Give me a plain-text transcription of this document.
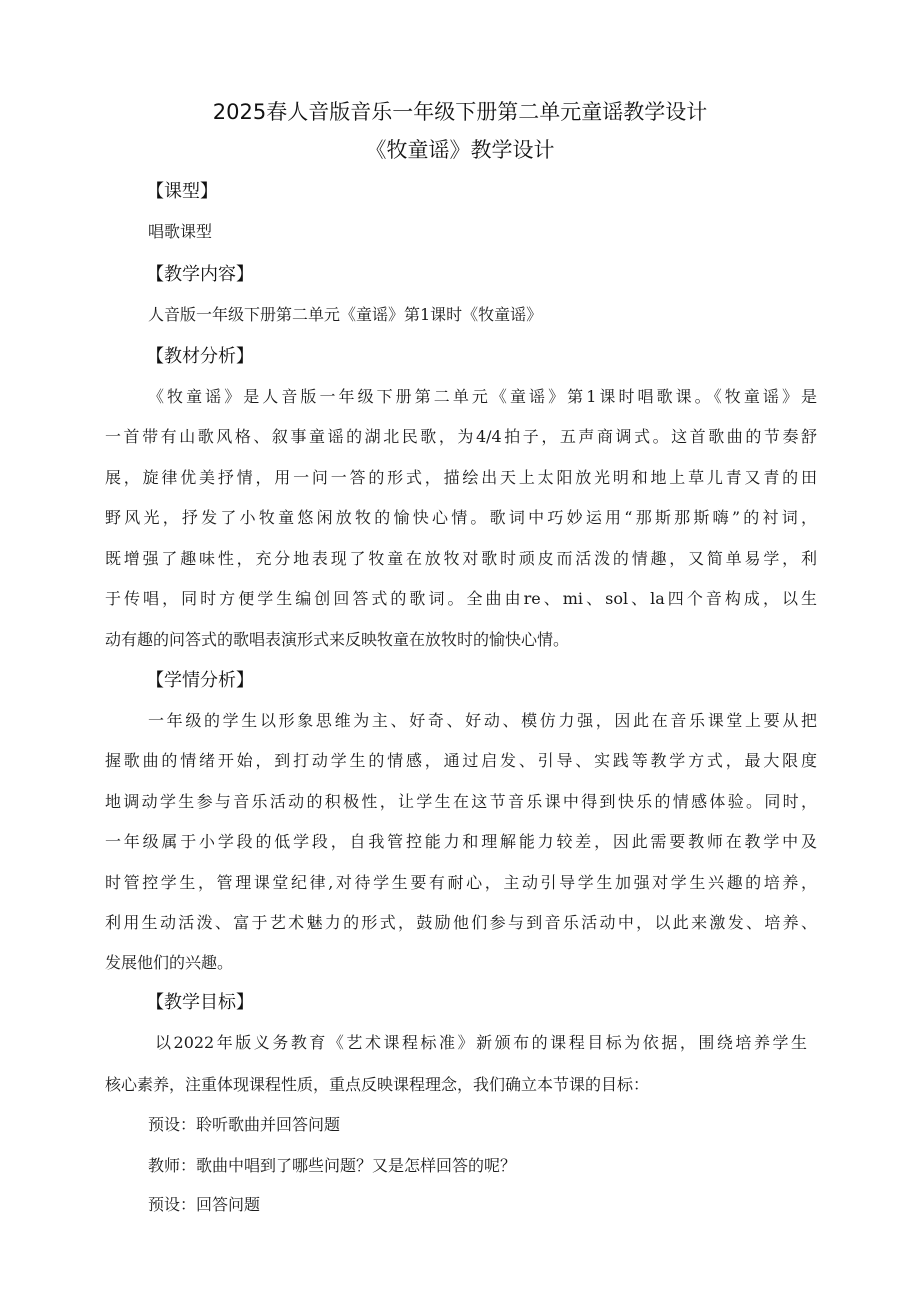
2025春人音版音乐一年级下册第二单元童谣教学设计
《牧童谣》教学设计
【课型】
唱歌课型
【教学内容】
人音版一年级下册第二单元《童谣》第1课时《牧童谣》
【教材分析】
《牧童谣》是人音版一年级下册第二单元《童谣》第1课时唱歌课。《牧童谣》是
一首带有山歌风格、叙事童谣的湖北民歌，为4/4拍子，五声商调式。这首歌曲的节奏舒
展，旋律优美抒情，用一问一答的形式，描绘出天上太阳放光明和地上草儿青又青的田
野风光，抒发了小牧童悠闲放牧的愉快心情。歌词中巧妙运用“那斯那斯嗨”的衬词，
既增强了趣味性，充分地表现了牧童在放牧对歌时顽皮而活泼的情趣，又简单易学，利
于传唱，同时方便学生编创回答式的歌词。全曲由re、mi、sol、la四个音构成，以生
动有趣的问答式的歌唱表演形式来反映牧童在放牧时的愉快心情。
【学情分析】
一年级的学生以形象思维为主、好奇、好动、模仿力强，因此在音乐课堂上要从把
握歌曲的情绪开始，到打动学生的情感，通过启发、引导、实践等教学方式，最大限度
地调动学生参与音乐活动的积极性，让学生在这节音乐课中得到快乐的情感体验。同时，
一年级属于小学段的低学段，自我管控能力和理解能力较差，因此需要教师在教学中及
时管控学生，管理课堂纪律,对待学生要有耐心，主动引导学生加强对学生兴趣的培养，
利用生动活泼、富于艺术魅力的形式，鼓励他们参与到音乐活动中，以此来激发、培养、
发展他们的兴趣。
【教学目标】
以2022年版义务教育《艺术课程标准》新颁布的课程目标为依据，围绕培养学生
核心素养，注重体现课程性质，重点反映课程理念，我们确立本节课的目标：
预设：聆听歌曲并回答问题
教师：歌曲中唱到了哪些问题？又是怎样回答的呢？
预设：回答问题
